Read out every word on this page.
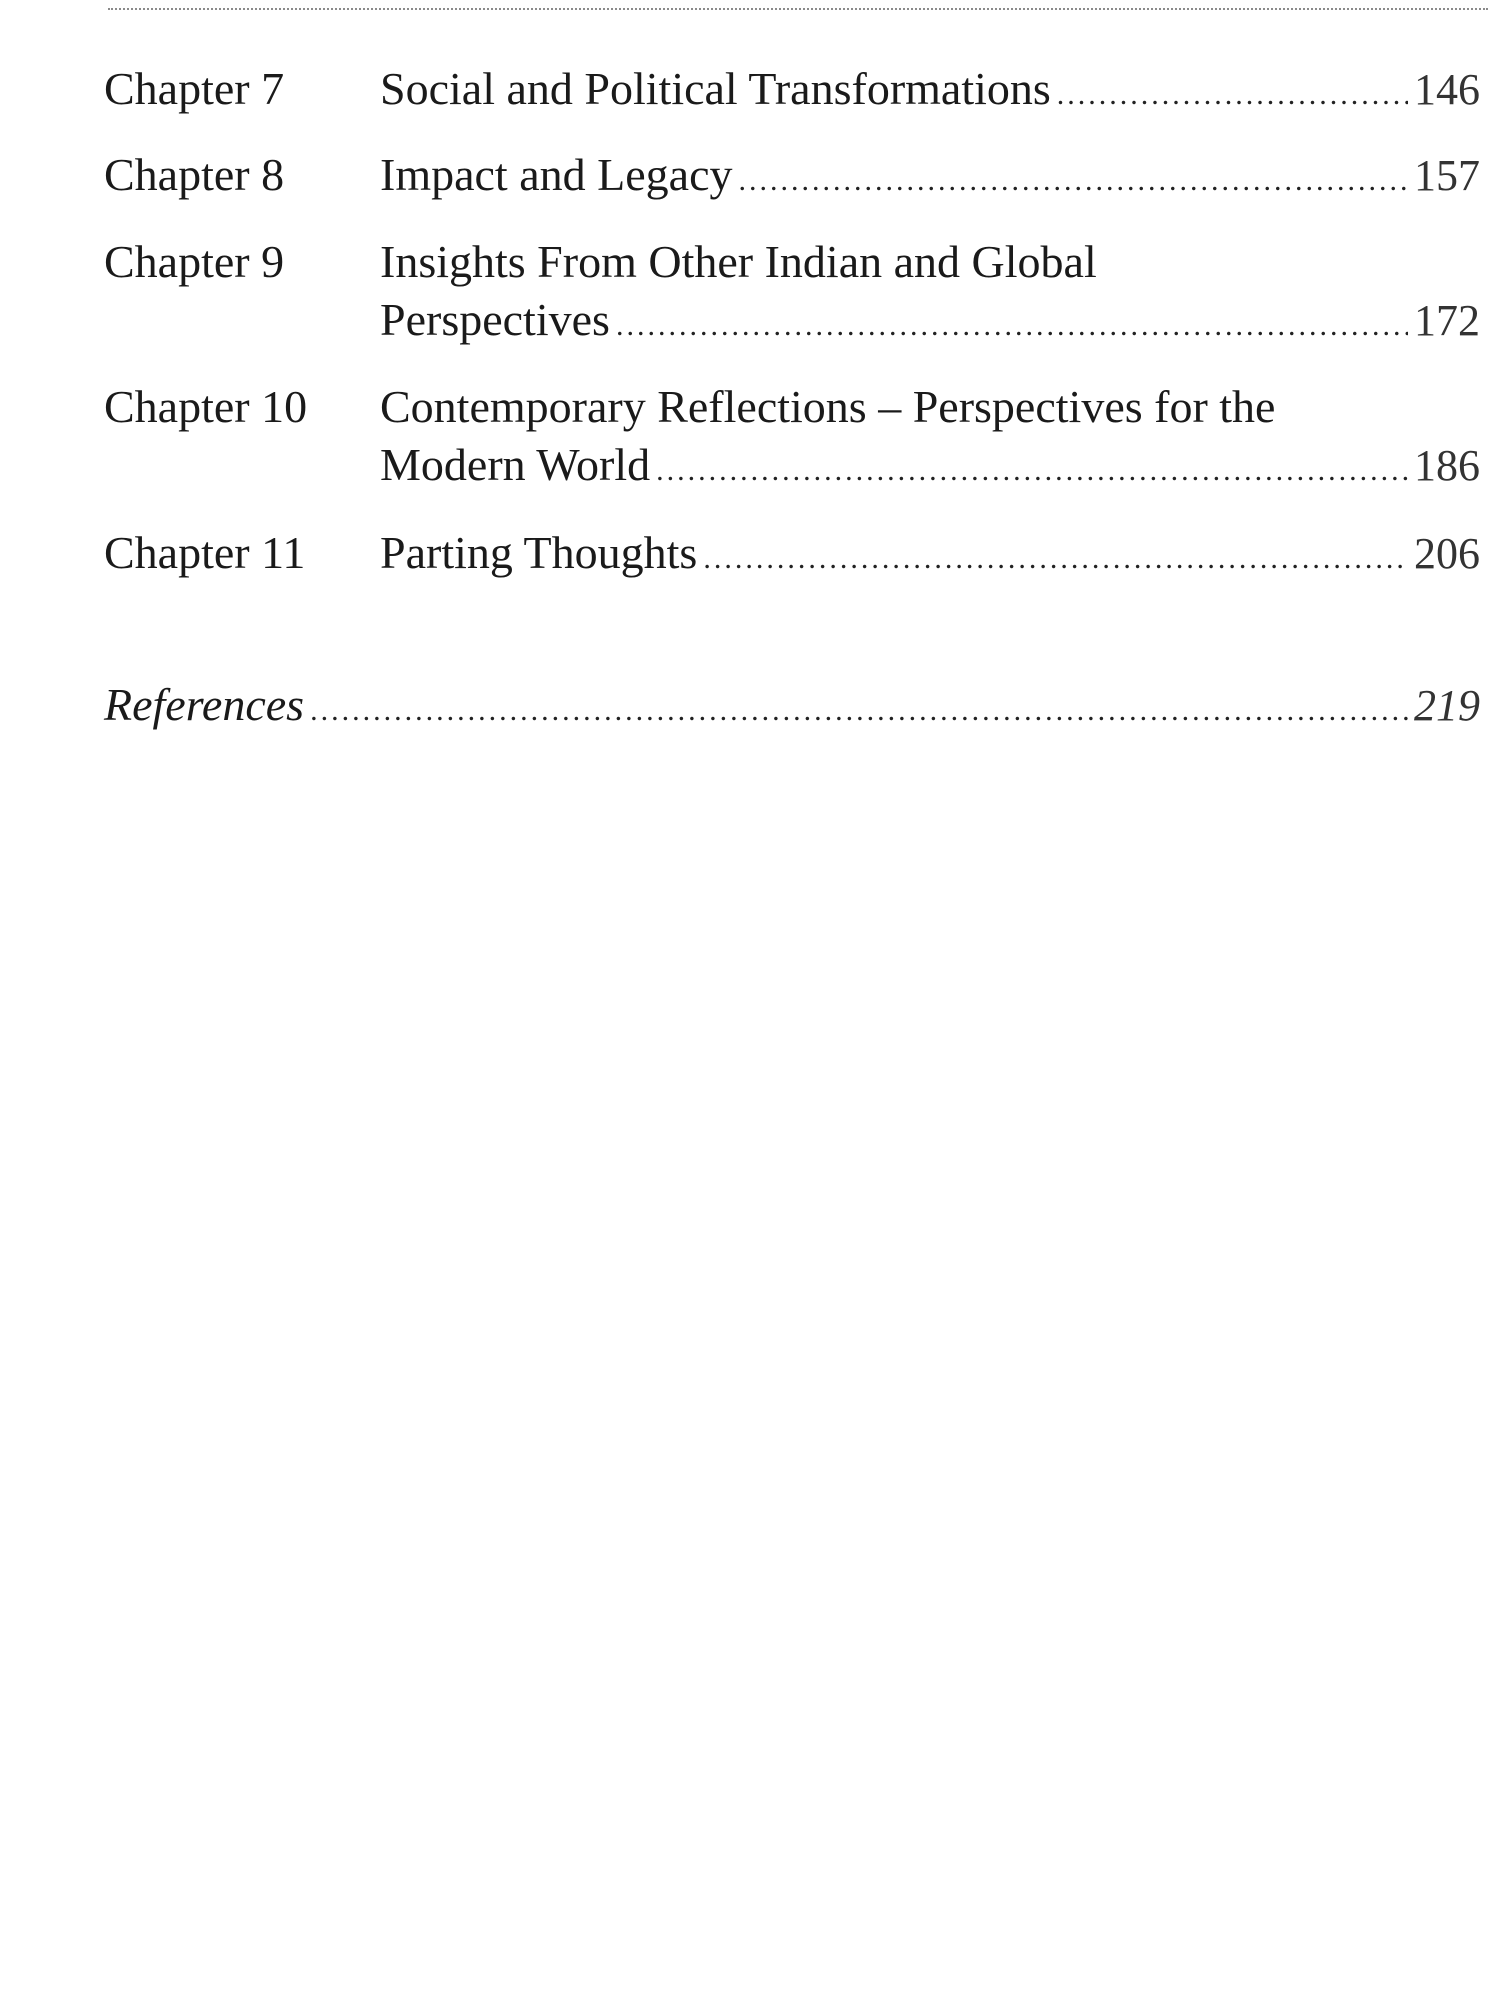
Chapter 7 Social and Political Transformations .....	146
Chapter 8 Impact and Legacy .....	157
Chapter 9 Insights From Other Indian and Global
Perspectives .....	172
Chapter 10 Contemporary Reflections – Perspectives for the
Modern World .....	186
Chapter 11 Parting Thoughts .....	206
References .....	219
